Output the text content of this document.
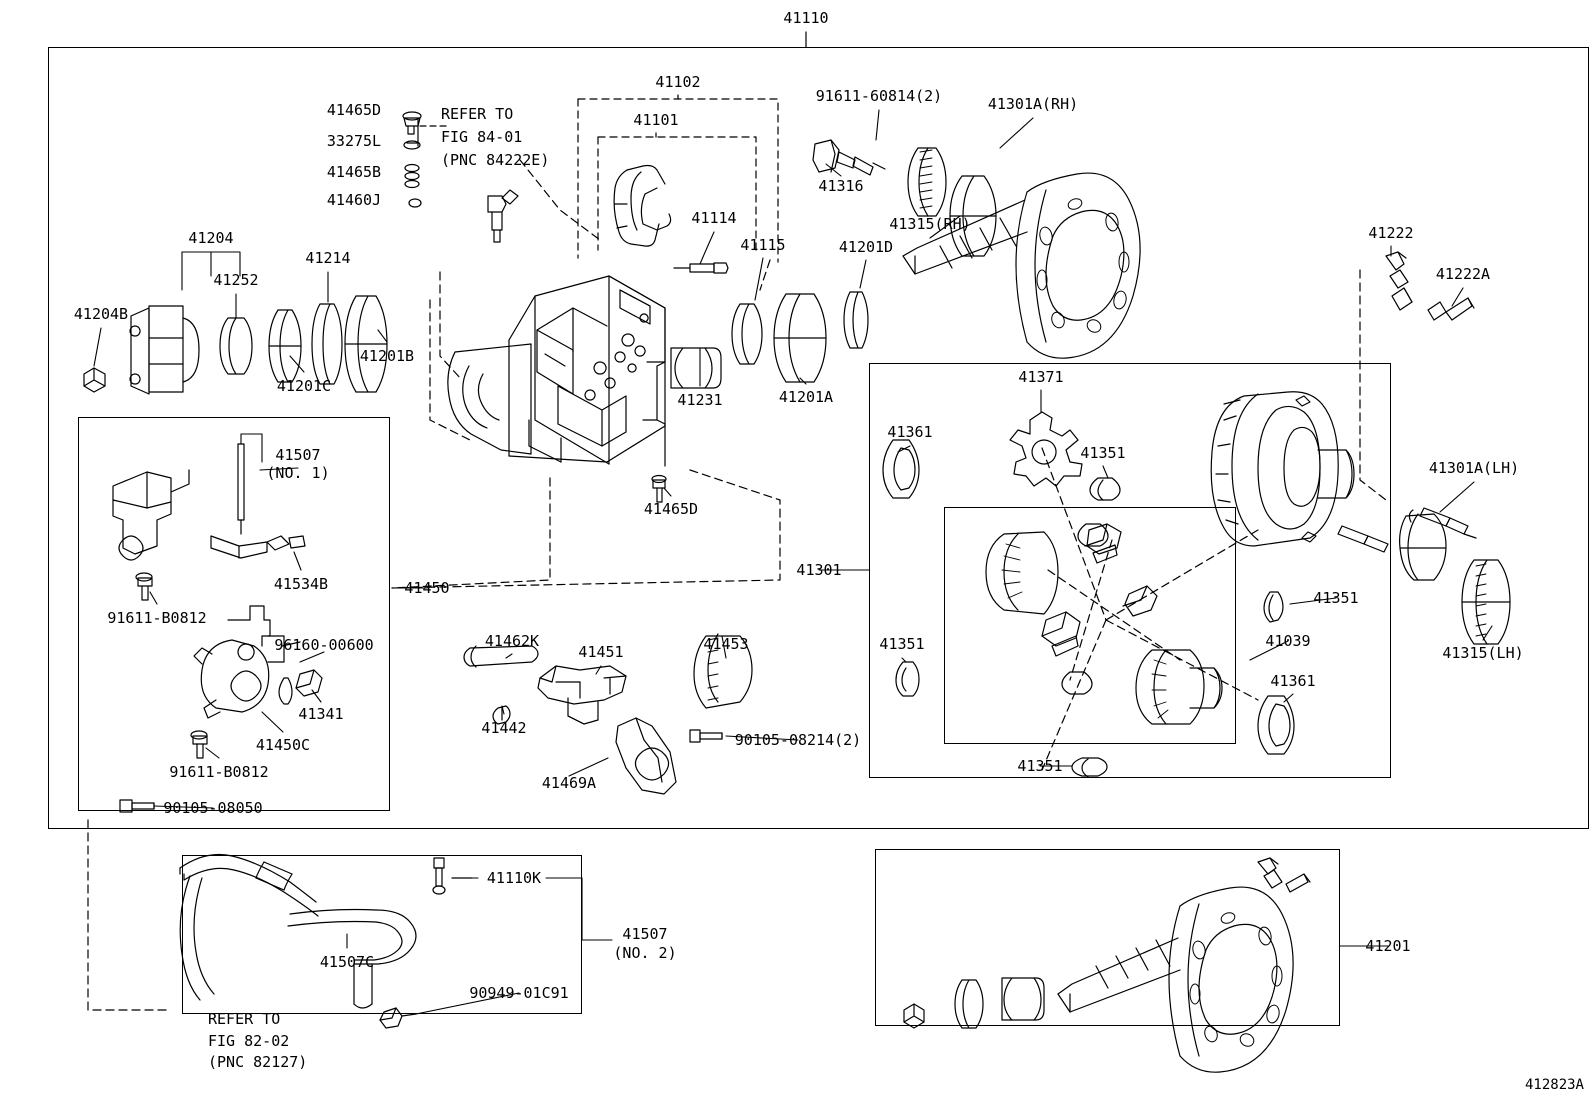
41110
41102
41101
91611-60814(2)	41301A(RH)
41465D	REFER TO
33275L	FIG 84-01
41465B
(PNC 84222E)
41460J
41316
41114	41315(RH)
41115	41201D
41222
41204
41252
41214
41222A
41204B
41201B
41201C
41231	41201A
41371
41361
41351
41301A(LH)
41507
(NO. 1)
41465D
41534B	41450
41301
41351
41315(LH)
91611-B0812
96160-00600	41462K
41451	41453	41351	41039
41341
41361
41450C
41442
90105-08214(2)
41469A
41351
91611-B0812
90105-08050
41110K
41507
(NO. 2)	41201
41507C
90949-01C91
REFER TO
FIG 82-02
(PNC 82127)
412823A
